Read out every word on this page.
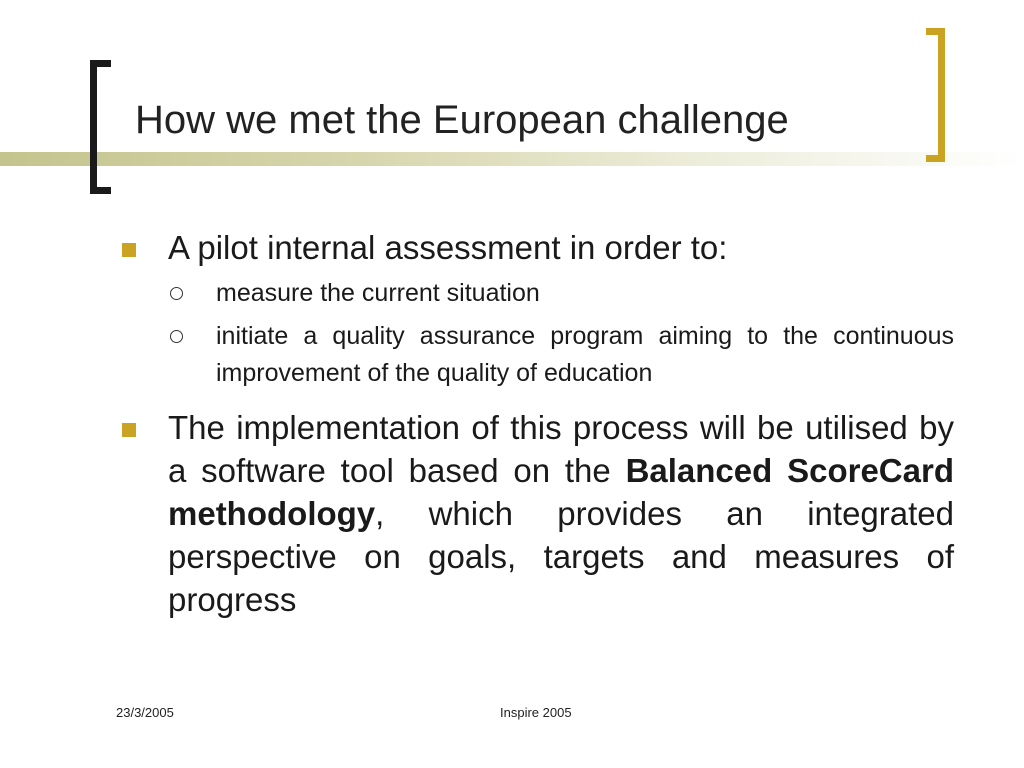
How we met the European challenge
A pilot internal assessment in order to:
measure the current situation
initiate a quality assurance program aiming to the continuous improvement of the quality of education
The implementation of this process will be utilised by a software tool based on the Balanced ScoreCard methodology, which provides an integrated perspective on goals, targets and measures of progress
23/3/2005	Inspire 2005
